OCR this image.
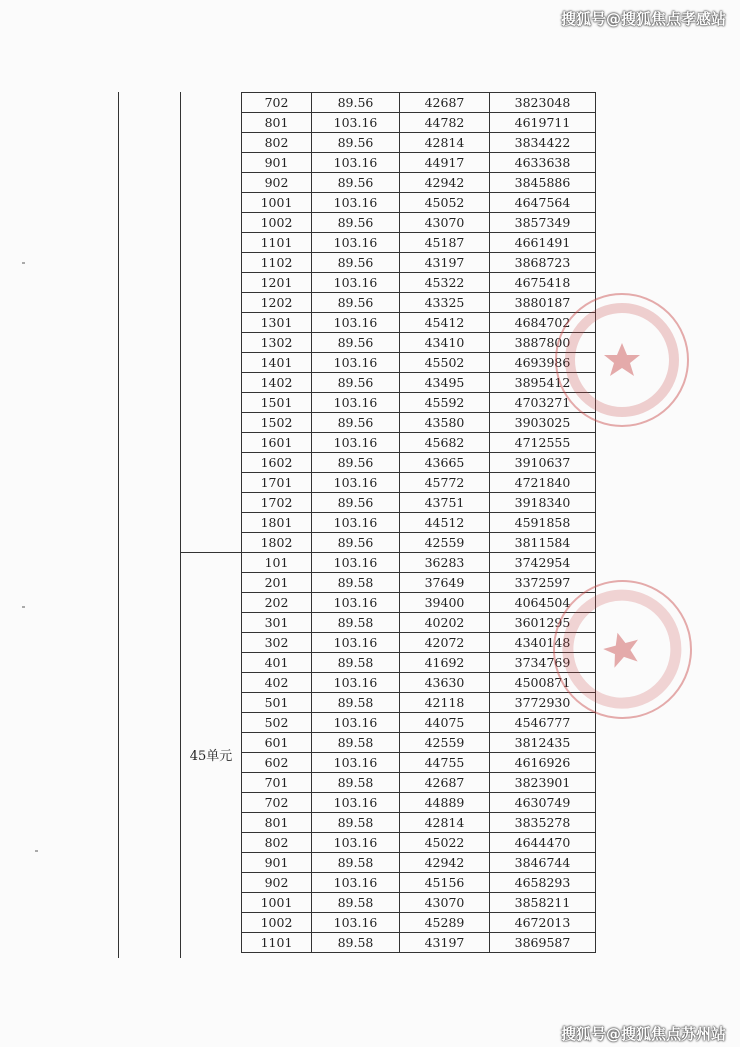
搜狐号@搜狐焦点孝感站
702	89.56	42687	3823048
801	103.16	44782	4619711
802	89.56	42814	3834422
901	103.16	44917	4633638
902	89.56	42942	3845886
1001	103.16	45052	4647564
1002	89.56	43070	3857349
1101	103.16	45187	4661491
1102	89.56	43197	3868723
1201	103.16	45322	4675418
1202	89.56	43325	3880187
1301	103.16	45412	4684702
1302	89.56	43410	3887800
1401	103.16	45502	4693986
1402	89.56	43495	3895412
1501	103.16	45592	4703271
1502	89.56	43580	3903025
1601	103.16	45682	4712555
1602	89.56	43665	3910637
1701	103.16	45772	4721840
1702	89.56	43751	3918340
1801	103.16	44512	4591858
1802	89.56	42559	3811584
101	103.16	36283	3742954
201	89.58	37649	3372597
202	103.16	39400	4064504
301	89.58	40202	3601295
302	103.16	42072	4340148
401	89.58	41692	3734769
402	103.16	43630	4500871
501	89.58	42118	3772930
502	103.16	44075	4546777
601	89.58	42559	3812435
602	103.16	44755	4616926
701	89.58	42687	3823901
702	103.16	44889	4630749
801	89.58	42814	3835278
802	103.16	45022	4644470
901	89.58	42942	3846744
902	103.16	45156	4658293
1001	89.58	43070	3858211
1002	103.16	45289	4672013
1101	89.58	43197	3869587
45单元
搜狐号@搜狐焦点苏州站
